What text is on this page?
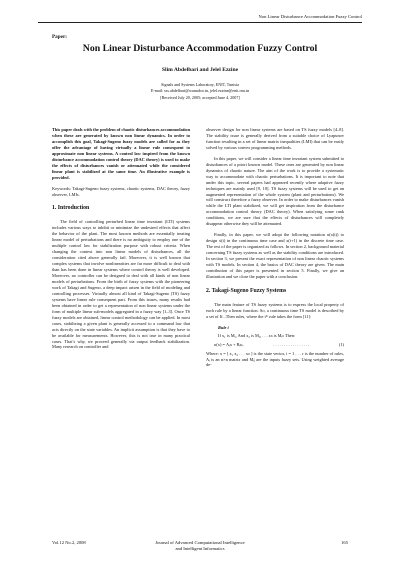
Non Linear Disturbance Accommodation Fuzzy Control
Paper:
Non Linear Disturbance Accommodation Fuzzy Control
Slim Abdelbari and Jelel Ezzine
Signals and Systems Laboratory, ENIT, Tunisia
E-mail: sss.abdelbari@wanadoo.tn, jelel.ezzine@enit.rnu.tn
[Received July 20, 2005; accepted June 4, 2007]

This paper deals with the problem of chaotic disturbances accommodation when these are generated by known non linear dynamics. In order to accomplish this goal, Takagi-Sugeno fuzzy models are called for as they offer the advantage of having virtually a linear rule consequent to approximate non linear systems. A control law inspired from the known disturbance accommodation control theory (DAC theory) is used to make the effects of disturbances vanish or attenuated while the considered linear plant is stabilized at the same time. An illustrative example is provided.

Keywords: Takagi-Sugeno fuzzy systems, chaotic systems, DAC theory, fuzzy observer, LMIs.

1. Introduction

The field of controlling perturbed linear time invariant (LTI) systems includes various ways to inhibit or minimize the undesired effects that affect the behavior of the plant. The most known methods are essentially treating linear model of perturbations and there is no ambiguity to employ one of the multiple control law for stabilization purpose with robust criteria. When changing the context into non linear models of disturbances, all the consideration cited above generally fail. Moreover, it is well known that complex systems that involve nonlinearities are far more difficult to deal with than has been done in linear systems where control theory is well developed. Moreover, no controller can be designed to deal with all kinds of non linear models of perturbations. From the birth of fuzzy systems with the pioneering work of Takagi and Sugeno, a deep impact arisen in the field of modeling and controlling processes. Virtually almost all kind of Takagi-Sugeno (TS) fuzzy systems have linear rule consequent part. From this issues, many results had been obtained in order to get a representation of non linear systems under the form of multiple linear sub-models aggregated in a fuzzy way [1–3]. Once TS fuzzy models are obtained, linear control methodology can be applied. In most cases, stabilizing a given plant is generally accessed to a command law that acts directly on the state variables. An implicit assumption is that they have to be available for measurements. However, this is not true in many practical cases. That’s why, we proceed generally via output feedback stabilization. Many research on controller and

observer design for non linear systems are based on TS fuzzy models [4–8]. The stability issue is generally derived from a suitable choice of Lyapunov function resulting in a set of linear matrix inequalities (LMI) that can be easily solved by various convex programming methods.

In this paper, we will consider a linear time invariant system submitted to disturbances of a priori known model. These ones are generated by non linear dynamics of chaotic nature. The aim of the work is to provide a systematic way to accommodate with chaotic perturbations. It is important to note that under this topic, several papers had appeared recently where adaptive fuzzy techniques are mainly used [9, 10]. TS fuzzy systems will be used to get an augmented representation of the whole system (plant and perturbations). We will construct therefore a fuzzy observer. In order to make disturbances vanish while the LTI plant stabilized, we will get inspiration from the disturbance accommodation control theory (DAC theory). When satisfying some rank conditions, we are sure that the effects of disturbances will completely disappear otherwise they will be attenuated.

Finally, in this paper, we will adopt the following notation σ(x(t)) to design ẋ(t) in the continuous time case and x(t+1) in the discrete time case. The rest of the paper is organized as follows. In section 2, background material concerning TS fuzzy systems as well as the stability conditions are introduced. In section 3, we present the exact representation of non linear chaotic systems with TS models. In section 4, the basics of DAC theory are given. The main contribution of this paper is presented in section 5. Finally, we give an illustration and we close the paper with a conclusion.

2. Takagi-Sugeno Fuzzy Systems

The main feature of TS fuzzy systems is to express the local property of each rule by a linear function. So, a continuous time TS model is described by a set of If...Then rules, where the iᵗʰ rule takes the form [11]:

Rule i
If x₁ is Mᵢ₁ And x₂ is Mᵢ₂ . . . xₙ is Mᵢₙ Then:
σ(x) = Aᵢx + Bᵢu,	. . . . . . . . . . . . . . . . .	(1)

Where: x = [ x₁ x₂ . . . xₙ ] is the state vector, i = 1 . . . r is the number of rules, Aᵢ is an n×n matrix and Mᵢⱼ are the inputs fuzzy sets. Using weighted average de-

Vol.12 No.2, 2008	Journal of Advanced Computational Intelligence
and Intelligent Informatics
165
